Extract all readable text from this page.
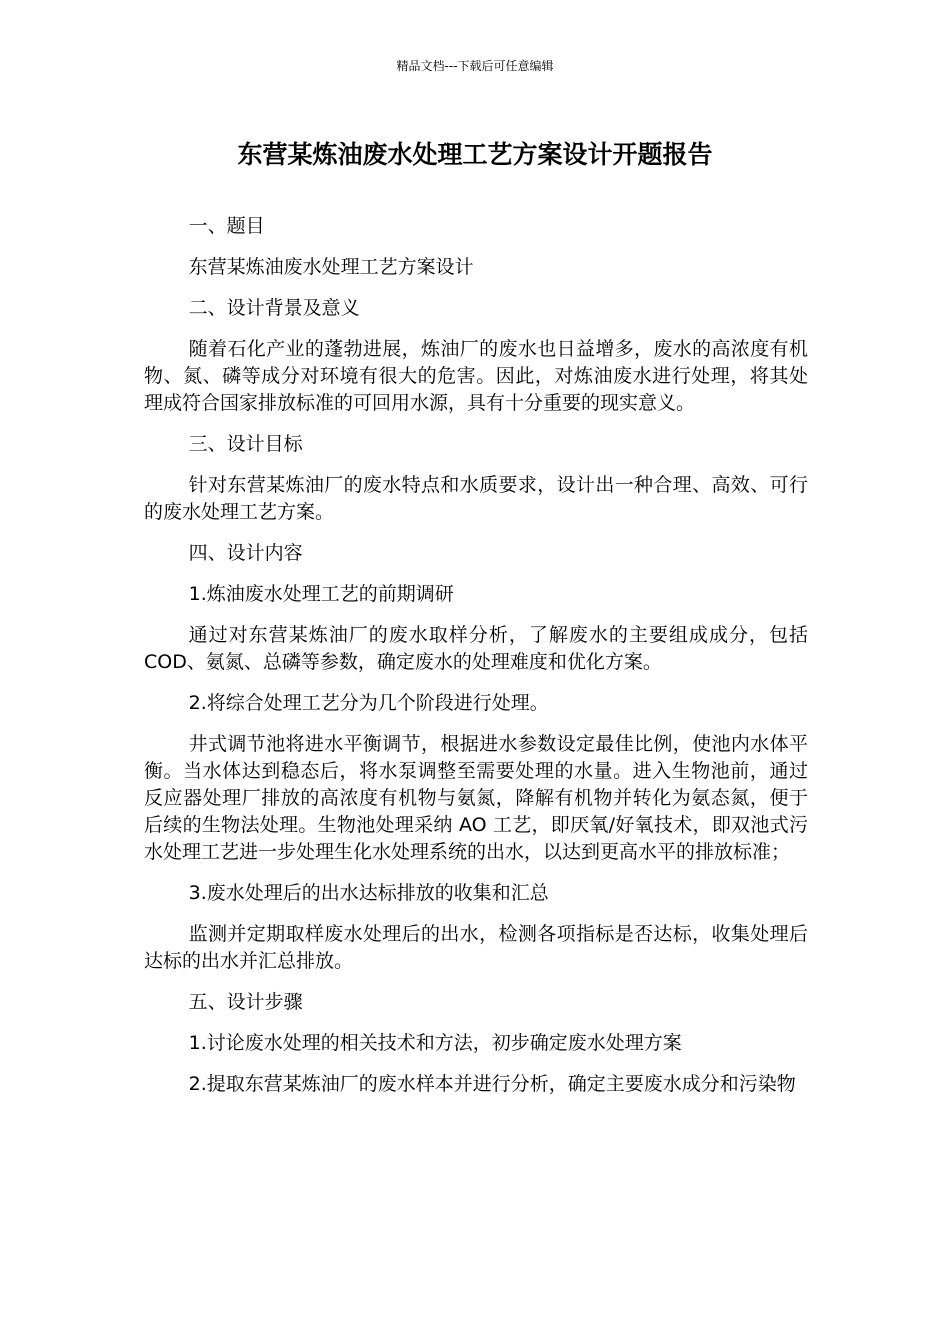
精品文档---下载后可任意编辑
东营某炼油废水处理工艺方案设计开题报告

一、题目

东营某炼油废水处理工艺方案设计

二、设计背景及意义

随着石化产业的蓬勃进展，炼油厂的废水也日益增多，废水的高浓度有机物、氮、磷等成分对环境有很大的危害。因此，对炼油废水进行处理，将其处理成符合国家排放标准的可回用水源，具有十分重要的现实意义。

三、设计目标

针对东营某炼油厂的废水特点和水质要求，设计出一种合理、高效、可行的废水处理工艺方案。

四、设计内容

1.炼油废水处理工艺的前期调研

通过对东营某炼油厂的废水取样分析，了解废水的主要组成成分，包括 COD、氨氮、总磷等参数，确定废水的处理难度和优化方案。

2.将综合处理工艺分为几个阶段进行处理。

井式调节池将进水平衡调节，根据进水参数设定最佳比例，使池内水体平衡。当水体达到稳态后，将水泵调整至需要处理的水量。进入生物池前，通过反应器处理厂排放的高浓度有机物与氨氮，降解有机物并转化为氨态氮，便于后续的生物法处理。生物池处理采纳 AO 工艺，即厌氧/好氧技术，即双池式污水处理工艺进一步处理生化水处理系统的出水，以达到更高水平的排放标准；

3.废水处理后的出水达标排放的收集和汇总

监测并定期取样废水处理后的出水，检测各项指标是否达标，收集处理后达标的出水并汇总排放。

五、设计步骤

1.讨论废水处理的相关技术和方法，初步确定废水处理方案

2.提取东营某炼油厂的废水样本并进行分析，确定主要废水成分和污染物
